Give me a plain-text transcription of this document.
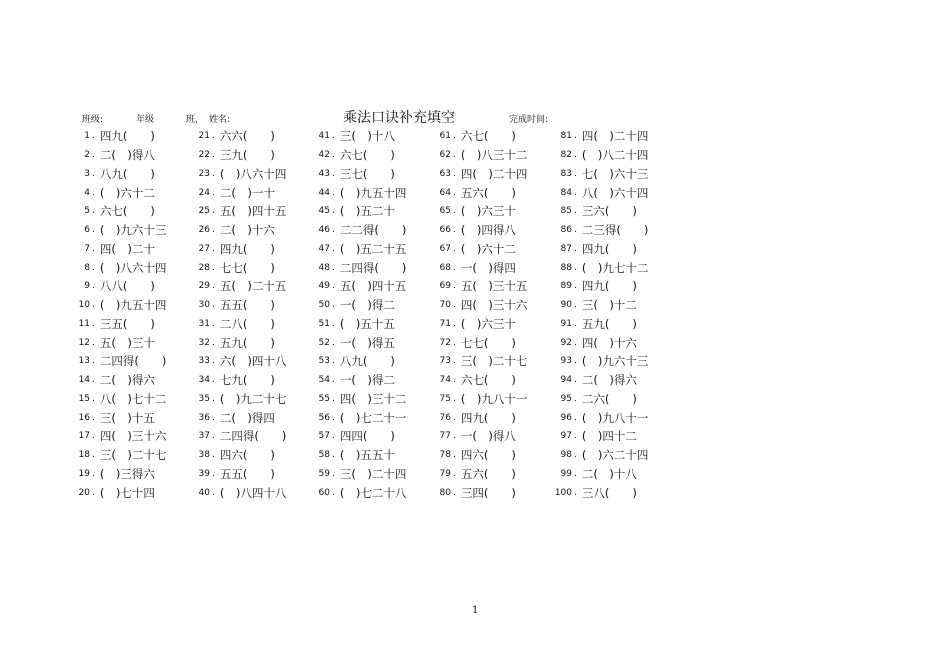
班级:	年级	班， 姓名:	乘法口诀补充填空	完成时间:
1 . 四九(　　)
2 . 二(　)得八
3 . 八九(　　)
4 . (　)六十二
5 . 六七(　　)
6 . (　)九六十三
7 . 四(　)二十
8 . (　)八六十四
9 . 八八(　　)
10 . (　)九五十四
11 . 三五(　　)
12 . 五(　)三十
13 . 二四得(　　)
14 . 二(　)得六
15 . 八(　)七十二
16 . 三(　)十五
17 . 四(　)三十六
18 . 三(　)二十七
19 . (　)三得六
20 . (　)七十四
21 . 六六(　　)
22 . 三九(　　)
23 . (　)八六十四
24 . 二(　)一十
25 . 五(　)四十五
26 . 二(　)十六
27 . 四九(　　)
28 . 七七(　　)
29 . 五(　)二十五
30 . 五五(　　)
31 . 二八(　　)
32 . 五九(　　)
33 . 六(　)四十八
34 . 七九(　　)
35 . (　)九二十七
36 . 二(　)得四
37 . 二四得(　　)
38 . 四六(　　)
39 . 五五(　　)
40 . (　)八四十八
41 . 三(　)十八
42 . 六七(　　)
43 . 三七(　　)
44 . (　)九五十四
45 . (　)五二十
46 . 二二得(　　)
47 . (　)五二十五
48 . 二四得(　　)
49 . 五(　)四十五
50 . 一(　)得二
51 . (　)五十五
52 . 一(　)得五
53 . 八九(　　)
54 . 一(　)得二
55 . 四(　)三十二
56 . (　)七二十一
57 . 四四(　　)
58 . (　)五五十
59 . 三(　)二十四
60 . (　)七二十八
61 . 六七(　　)
62 . (　)八三十二
63 . 四(　)二十四
64 . 五六(　　)
65 . (　)六三十
66 . (　)四得八
67 . (　)六十二
68 . 一(　)得四
69 . 五(　)三十五
70 . 四(　)三十六
71 . (　)六三十
72 . 七七(　　)
73 . 三(　)二十七
74 . 六七(　　)
75 . (　)九八十一
76 . 四九(　　)
77 . 一(　)得八
78 . 四六(　　)
79 . 五六(　　)
80 . 三四(　　)
81 . 四(　)二十四
82 . (　)八二十四
83 . 七(　)六十三
84 . 八(　)六十四
85 . 三六(　　)
86 . 二三得(　　)
87 . 四九(　　)
88 . (　)九七十二
89 . 四九(　　)
90 . 三(　)十二
91 . 五九(　　)
92 . 四(　)十六
93 . (　)九六十三
94 . 二(　)得六
95 . 二六(　　)
96 . (　)九八十一
97 . (　)四十二
98 . (　)六二十四
99 . 二(　)十八
100 . 三八(　　)
1
